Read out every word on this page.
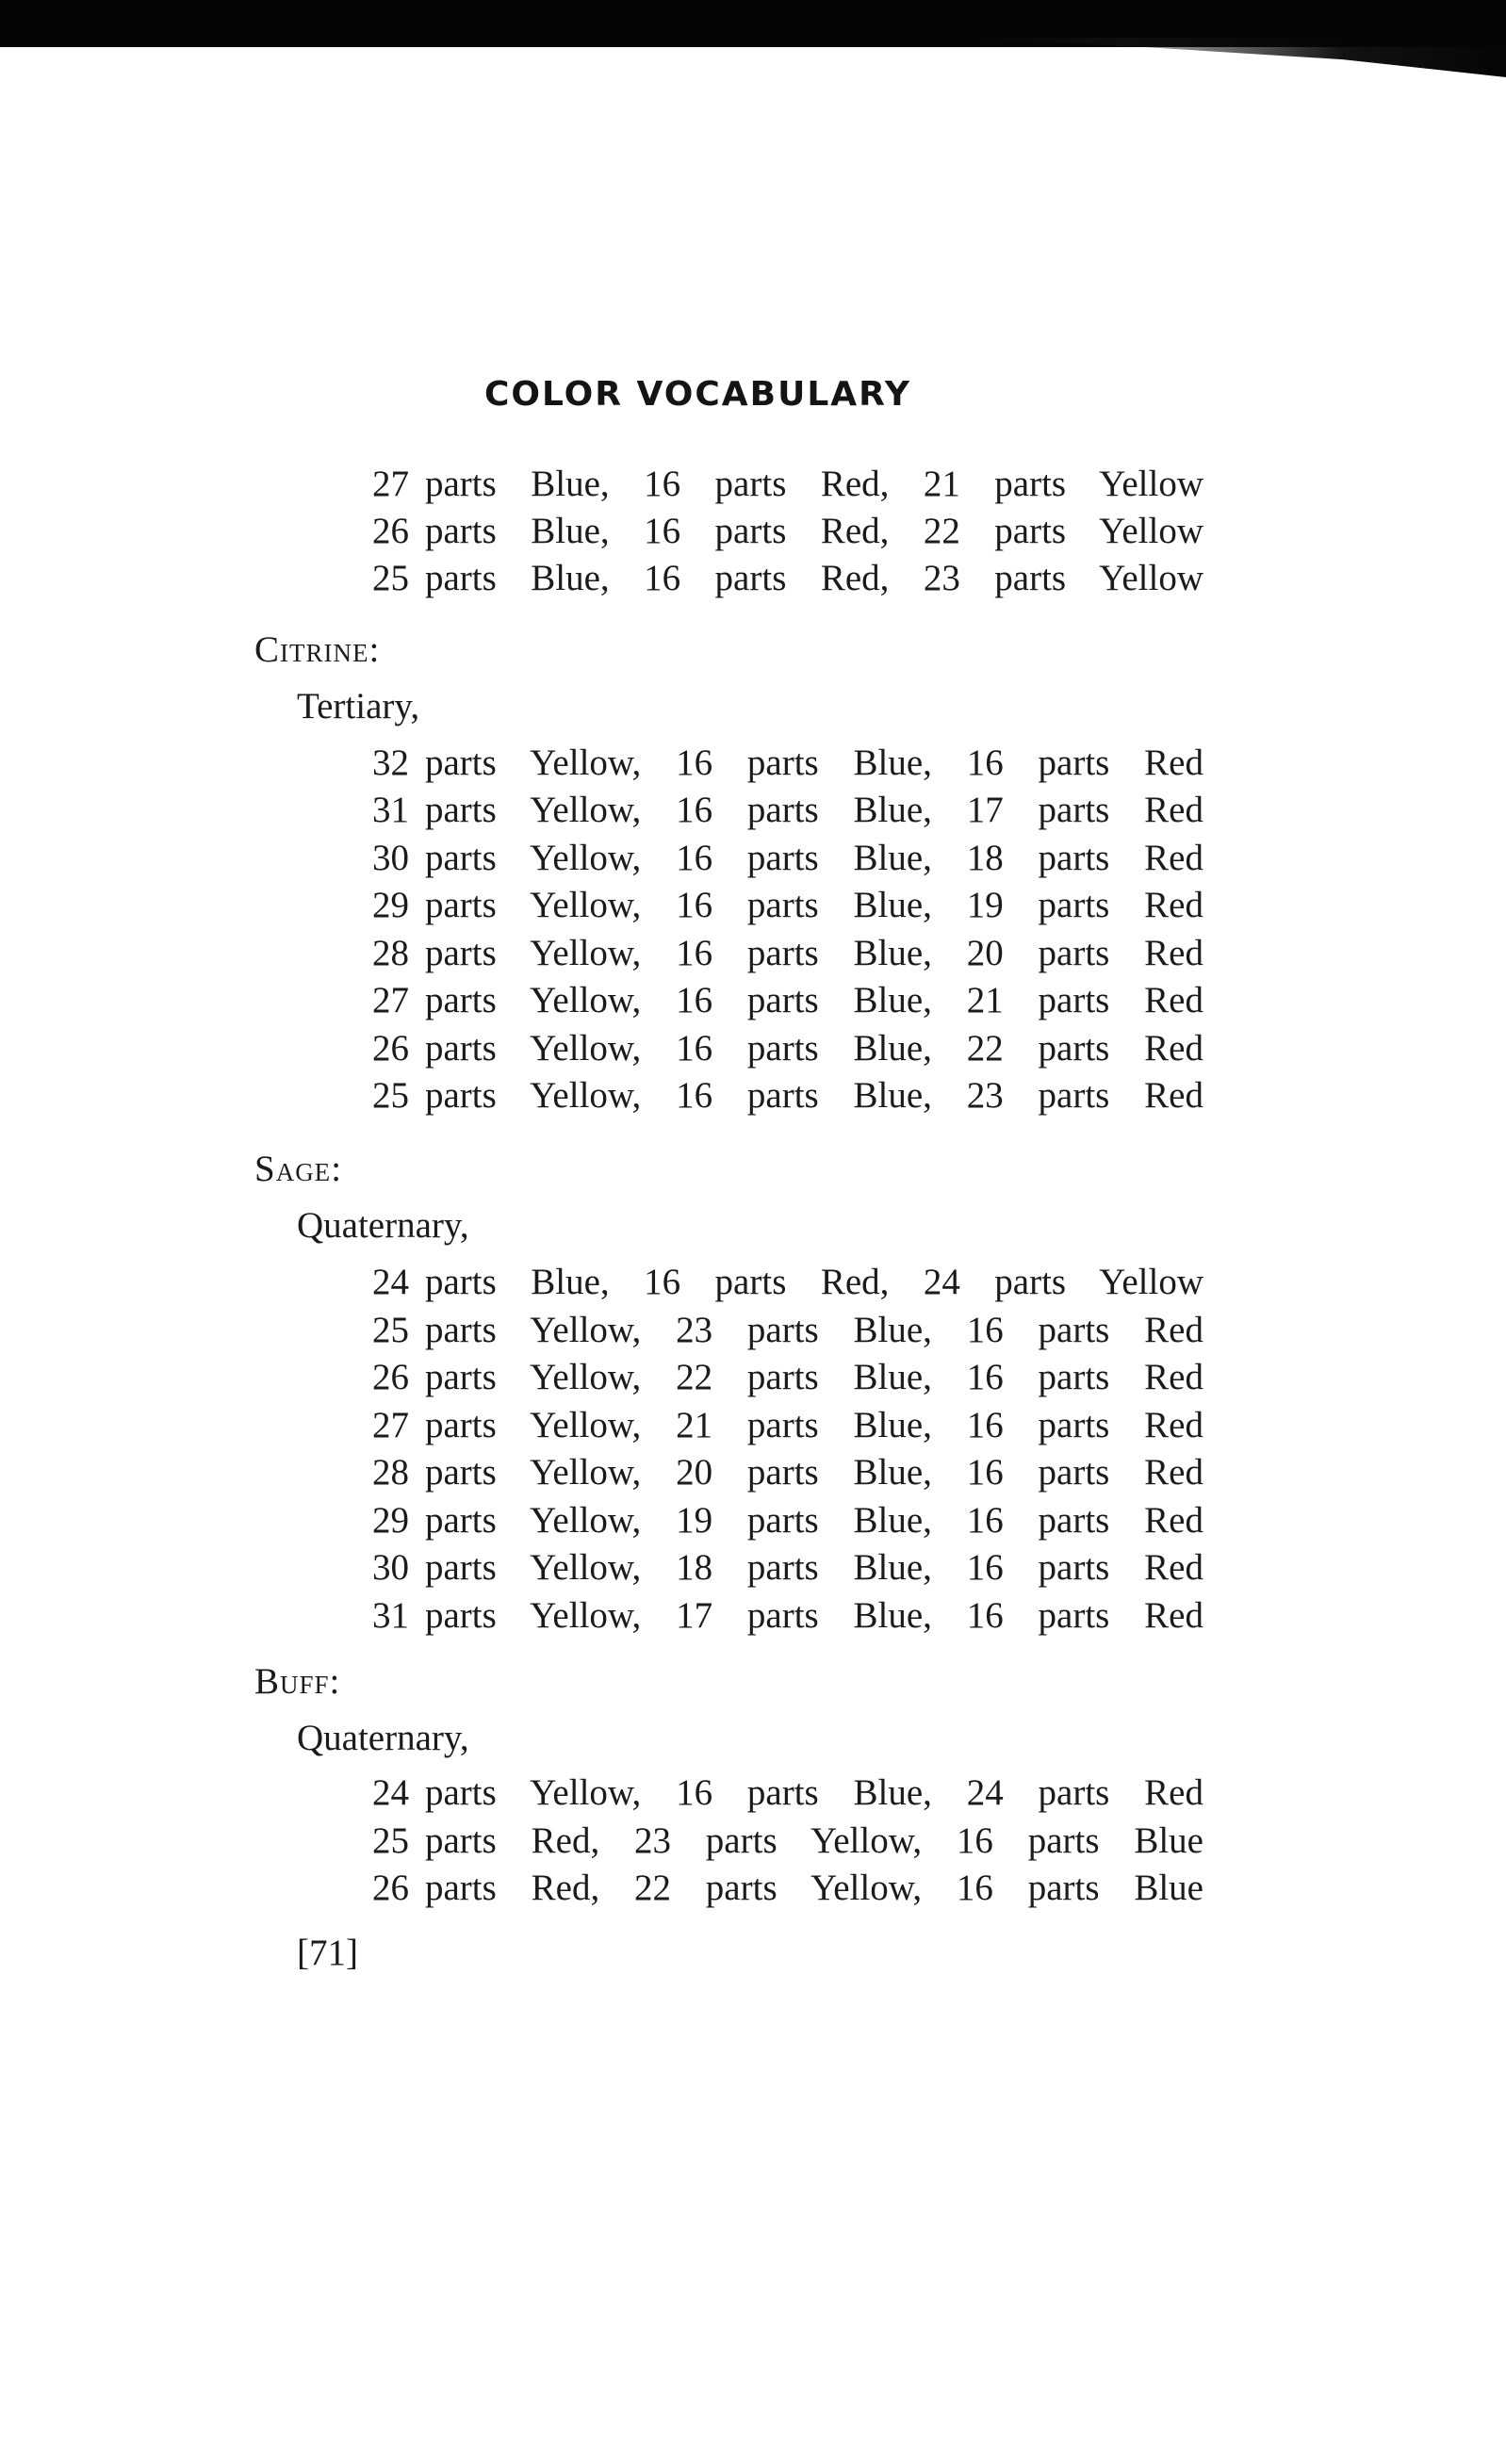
COLOR VOCABULARY
27 parts Blue, 16 parts Red, 21 parts Yellow
26 parts Blue, 16 parts Red, 22 parts Yellow
25 parts Blue, 16 parts Red, 23 parts Yellow
Citrine:
Tertiary,
32 parts Yellow, 16 parts Blue, 16 parts Red
31 parts Yellow, 16 parts Blue, 17 parts Red
30 parts Yellow, 16 parts Blue, 18 parts Red
29 parts Yellow, 16 parts Blue, 19 parts Red
28 parts Yellow, 16 parts Blue, 20 parts Red
27 parts Yellow, 16 parts Blue, 21 parts Red
26 parts Yellow, 16 parts Blue, 22 parts Red
25 parts Yellow, 16 parts Blue, 23 parts Red
Sage:
Quaternary,
24 parts Blue, 16 parts Red, 24 parts Yellow
25 parts Yellow, 23 parts Blue, 16 parts Red
26 parts Yellow, 22 parts Blue, 16 parts Red
27 parts Yellow, 21 parts Blue, 16 parts Red
28 parts Yellow, 20 parts Blue, 16 parts Red
29 parts Yellow, 19 parts Blue, 16 parts Red
30 parts Yellow, 18 parts Blue, 16 parts Red
31 parts Yellow, 17 parts Blue, 16 parts Red
Buff:
Quaternary,
24 parts Yellow, 16 parts Blue, 24 parts Red
25 parts Red, 23 parts Yellow, 16 parts Blue
26 parts Red, 22 parts Yellow, 16 parts Blue
[71]
